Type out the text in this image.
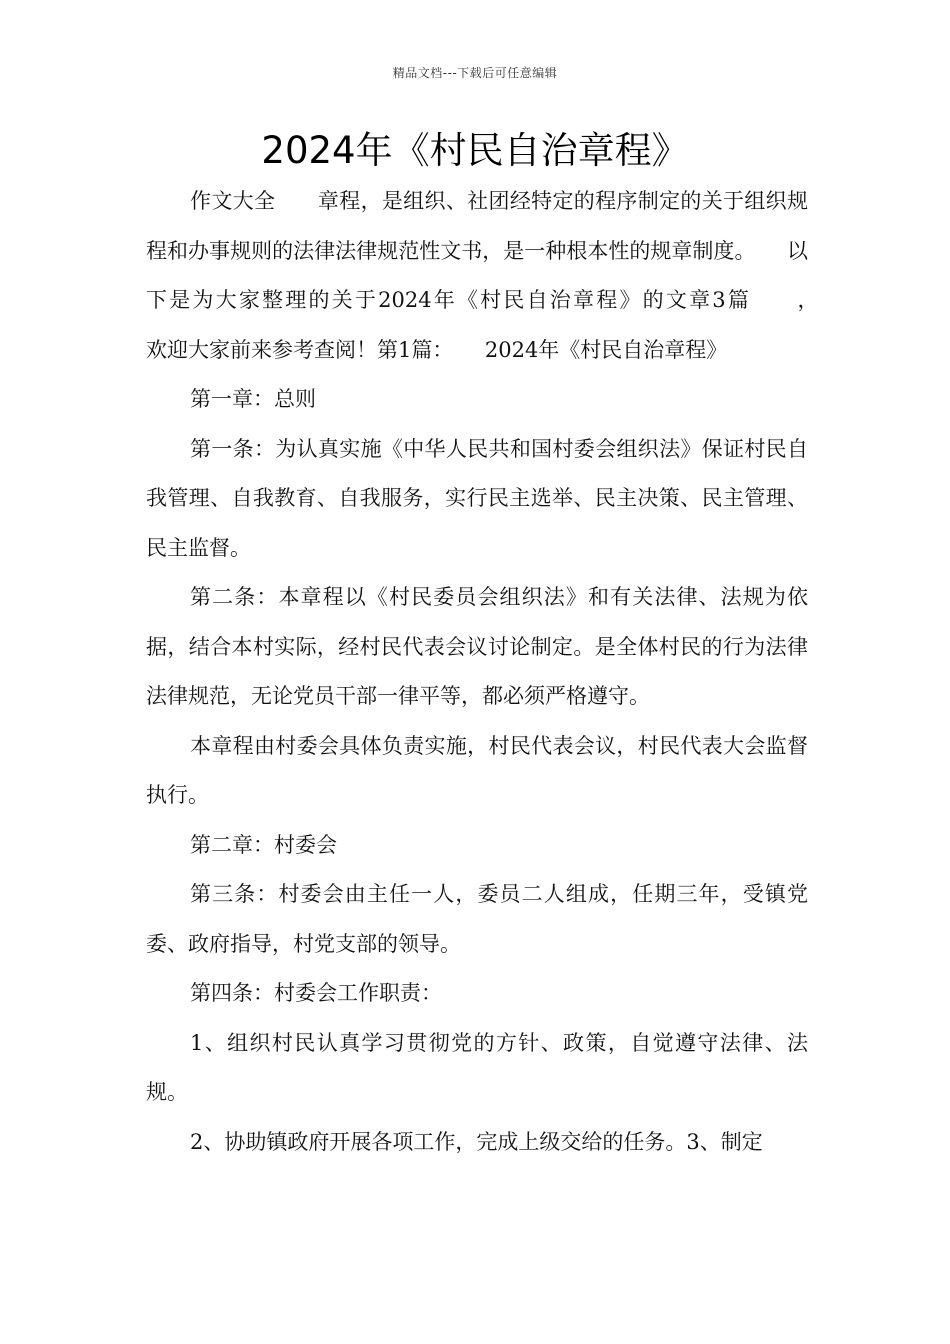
精品文档---下载后可任意编辑
2024年《村民自治章程》

作文大全　　章程，是组织、社团经特定的程序制定的关于组织规程和办事规则的法律法律规范性文书，是一种根本性的规章制度。　　以下是为大家整理的关于2024年《村民自治章程》的文章3篇　　，　　欢迎大家前来参考查阅！第1篇：　　2024年《村民自治章程》

第一章：总则

第一条：为认真实施《中华人民共和国村委会组织法》保证村民自我管理、自我教育、自我服务，实行民主选举、民主决策、民主管理、民主监督。

第二条：本章程以《村民委员会组织法》和有关法律、法规为依据，结合本村实际，经村民代表会议讨论制定。是全体村民的行为法律法律规范，无论党员干部一律平等，都必须严格遵守。

本章程由村委会具体负责实施，村民代表会议，村民代表大会监督执行。

第二章：村委会

第三条：村委会由主任一人，委员二人组成，任期三年，受镇党委、政府指导，村党支部的领导。

第四条：村委会工作职责：

1、组织村民认真学习贯彻党的方针、政策，自觉遵守法律、法规。

2、协助镇政府开展各项工作，完成上级交给的任务。3、制定
